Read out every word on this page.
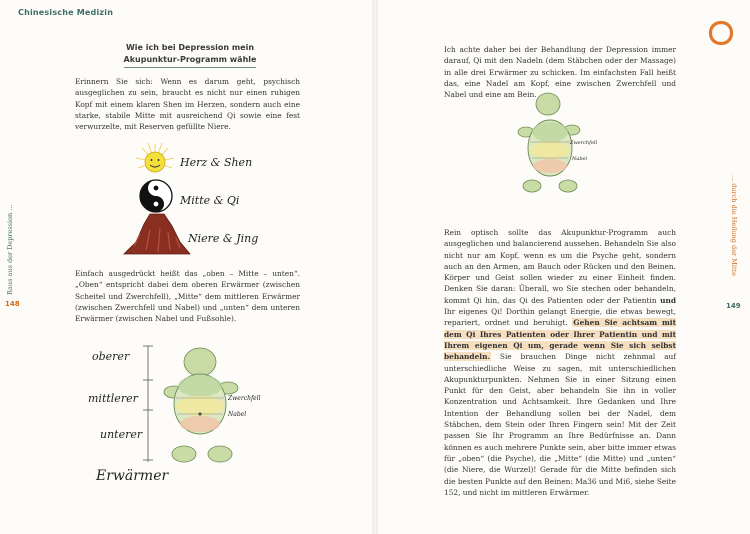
Chinesische Medizin
Raus aus der Depression ...
148
... durch die Heilung der Mitte
149
Wie ich bei Depression mein
Akupunktur-Programm wähle

Erinnern Sie sich: Wenn es darum geht, psychisch ausgeglichen zu sein, braucht es nicht nur einen ruhigen Kopf mit einem klaren Shen im Herzen, sondern auch eine starke, stabile Mitte mit ausreichend Qi sowie eine fest verwurzelte, mit Reserven gefüllte Niere.

Herz & Shen
Mitte & Qi
Niere & Jing

Einfach ausgedrückt heißt das „oben – Mitte – unten“. „Oben“ entspricht dabei dem oberen Erwärmer (zwischen Scheitel und Zwerchfell), „Mitte“ dem mittleren Erwärmer (zwischen Zwerchfell und Nabel) und „unten“ dem unteren Erwärmer (zwischen Nabel und Fußsohle).

oberer
mittlerer
unterer
Erwärmer
Zwerchfell
Nabel

Ich achte daher bei der Behandlung der Depression immer darauf, Qi mit den Nadeln (dem Stäbchen oder der Massage) in alle drei Erwärmer zu schicken. Im einfachsten Fall heißt das, eine Nadel am Kopf, eine zwischen Zwerchfell und Nabel und eine am Bein.

Zwerchfell
Nabel

Rein optisch sollte das Akupunktur-Programm auch ausgeglichen und balancierend aussehen. Behandeln Sie also nicht nur am Kopf, wenn es um die Psyche geht, sondern auch an den Armen, am Bauch oder Rücken und den Beinen. Körper und Geist sollen wieder zu einer Einheit finden. Denken Sie daran: Überall, wo Sie stechen oder behandeln, kommt Qi hin, das Qi des Patienten oder der Patientin und Ihr eigenes Qi! Dorthin gelangt Energie, die etwas bewegt, repariert, ordnet und beruhigt. Gehen Sie achtsam mit dem Qi Ihres Patienten oder Ihrer Patientin und mit Ihrem eigenen Qi um, gerade wenn Sie sich selbst behandeln. Sie brauchen Dinge nicht zehnmal auf unterschiedliche Weise zu sagen, mit unterschiedlichen Akupunkturpunkten. Nehmen Sie in einer Sitzung einen Punkt für den Geist, aber behandeln Sie ihn in voller Konzentration und Achtsamkeit. Ihre Gedanken und Ihre Intention der Behandlung sollen bei der Nadel, dem Stäbchen, dem Stein oder Ihren Fingern sein! Mit der Zeit passen Sie Ihr Programm an Ihre Bedürfnisse an. Dann können es auch mehrere Punkte sein, aber bitte immer etwas für „oben“ (die Psyche), die „Mitte“ (die Mitte) und „unten“ (die Niere, die Wurzel)! Gerade für die Mitte befinden sich die besten Punkte auf den Beinen: Ma36 und Mi6, siehe Seite 152, und nicht im mittleren Erwärmer.
